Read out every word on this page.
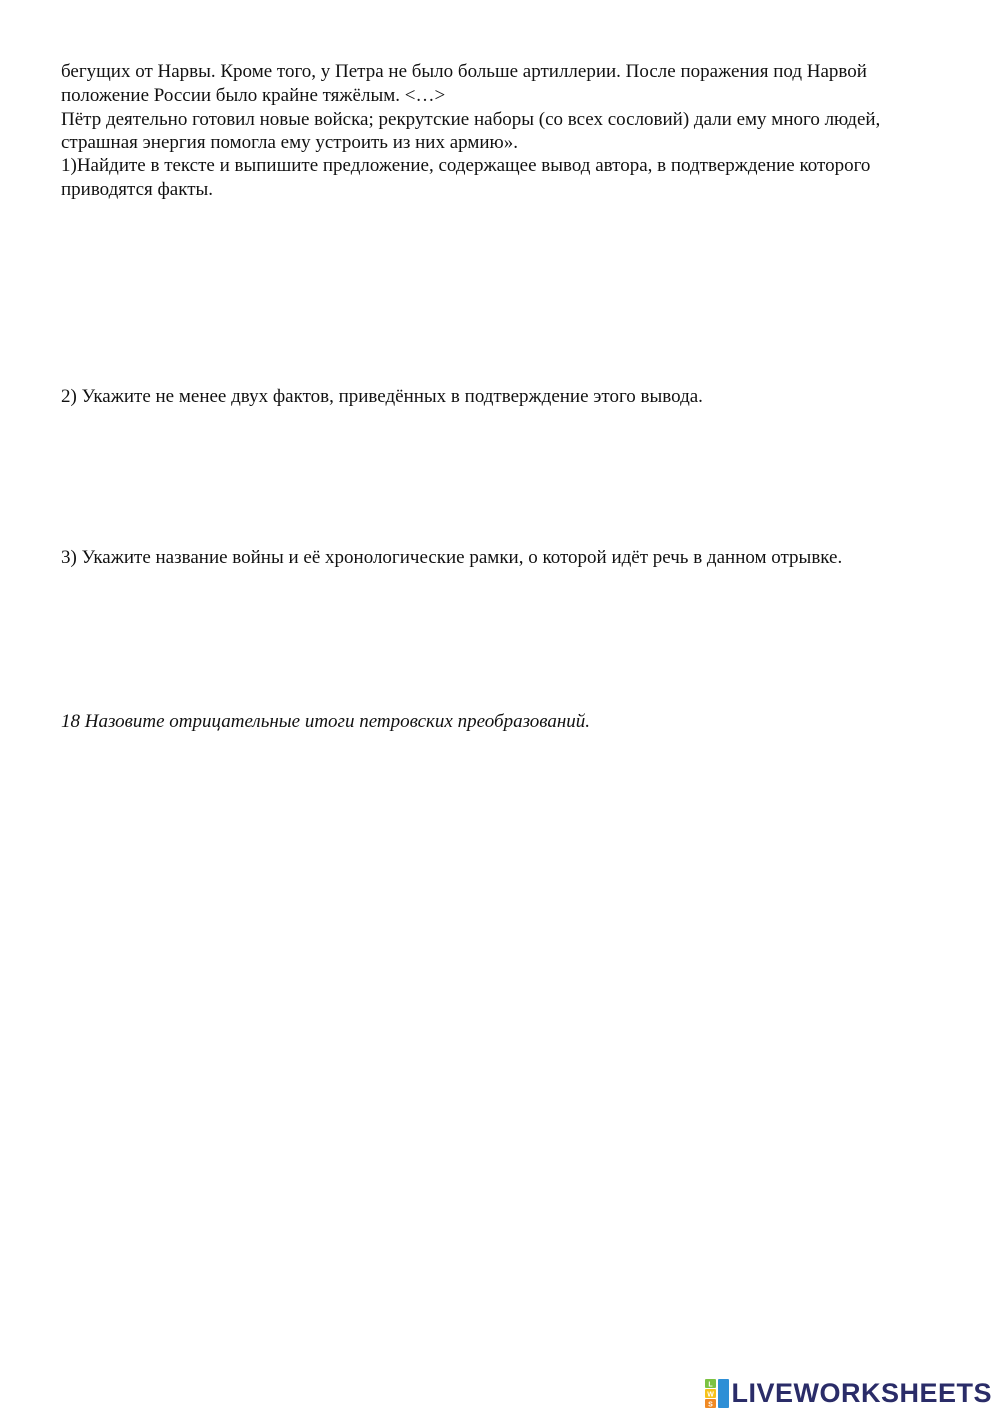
бегущих от Нарвы. Кроме того, у Петра не было больше артиллерии. После поражения под Нарвой
положение России было крайне тяжёлым. <…>
Пётр деятельно готовил новые войска; рекрутские наборы (со всех сословий) дали ему много людей,
страшная энергия помогла ему устроить из них армию».
1)Найдите в тексте и выпишите предложение, содержащее вывод автора, в подтверждение которого
приводятся факты.
2) Укажите не менее двух фактов, приведённых в подтверждение этого вывода.
3) Укажите название войны и её хронологические рамки, о которой идёт речь в данном отрывке.
18 Назовите отрицательные итоги петровских преобразований.
L
W
S LIVEWORKSHEETS
